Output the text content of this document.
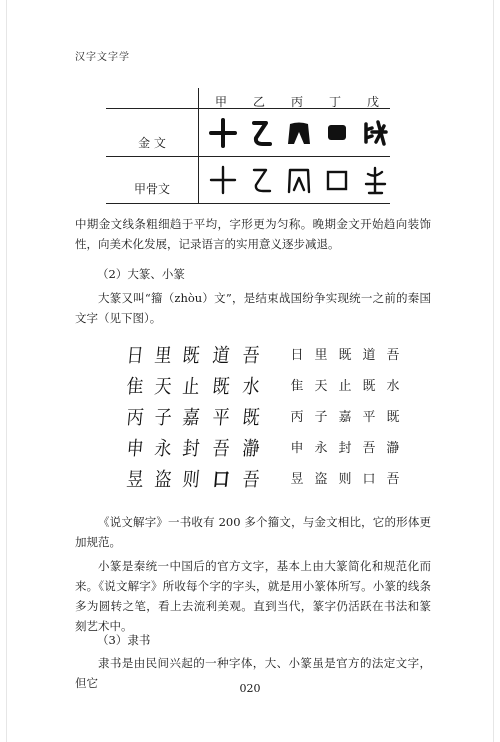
汉字文字学
甲	乙	丙	丁	戊
金 文
甲骨文
中期金文线条粗细趋于平均，字形更为匀称。晚期金文开始趋向装饰性，向美术化发展，记录语言的实用意义逐步减退。
（2）大篆、小篆
大篆又叫“籀（zhòu）文”，是结束战国纷争实现统一之前的秦国文字（见下图）。
日 里 既 道 吾	日 里 既 道 吾
隹 天 止 既 水	隹 天 止 既 水
丙 子 嘉 平 既	丙 子 嘉 平 既
申 永 封 吾 瀞	申 永 封 吾 瀞
昱 盗 则 口 吾	昱 盗 则 口 吾
《说文解字》一书收有 200 多个籀文，与金文相比，它的形体更加规范。
小篆是秦统一中国后的官方文字，基本上由大篆简化和规范化而来。《说文解字》所收每个字的字头，就是用小篆体所写。小篆的线条多为圆转之笔，看上去流利美观。直到当代，篆字仍活跃在书法和篆刻艺术中。
（3）隶书
隶书是由民间兴起的一种字体，大、小篆虽是官方的法定文字，但它	020
